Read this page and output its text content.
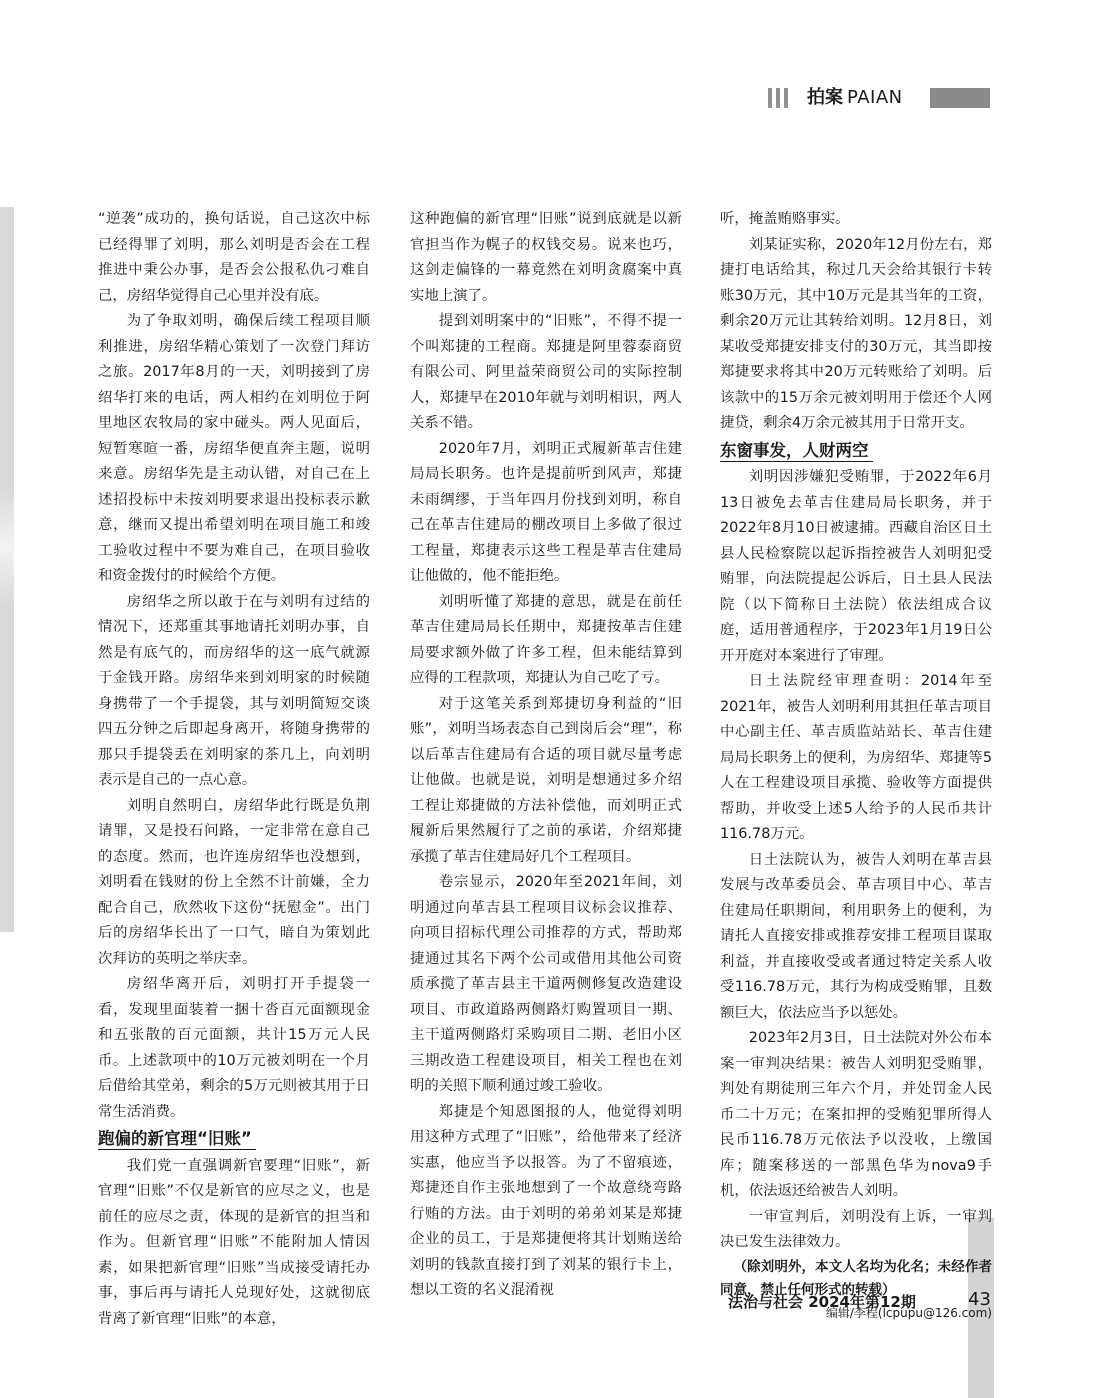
拍案 PAIAN

“逆袭”成功的，换句话说，自己这次中标已经得罪了刘明，那么刘明是否会在工程推进中秉公办事，是否会公报私仇刁难自己，房绍华觉得自己心里并没有底。

为了争取刘明，确保后续工程项目顺利推进，房绍华精心策划了一次登门拜访之旅。2017年8月的一天，刘明接到了房绍华打来的电话，两人相约在刘明位于阿里地区农牧局的家中碰头。两人见面后，短暂寒暄一番，房绍华便直奔主题，说明来意。房绍华先是主动认错，对自己在上述招投标中未按刘明要求退出投标表示歉意，继而又提出希望刘明在项目施工和竣工验收过程中不要为难自己，在项目验收和资金拨付的时候给个方便。

房绍华之所以敢于在与刘明有过结的情况下，还郑重其事地请托刘明办事，自然是有底气的，而房绍华的这一底气就源于金钱开路。房绍华来到刘明家的时候随身携带了一个手提袋，其与刘明简短交谈四五分钟之后即起身离开，将随身携带的那只手提袋丢在刘明家的茶几上，向刘明表示是自己的一点心意。

刘明自然明白，房绍华此行既是负荆请罪，又是投石问路，一定非常在意自己的态度。然而，也许连房绍华也没想到，刘明看在钱财的份上全然不计前嫌，全力配合自己，欣然收下这份“抚慰金”。出门后的房绍华长出了一口气，暗自为策划此次拜访的英明之举庆幸。

房绍华离开后，刘明打开手提袋一看，发现里面装着一捆十沓百元面额现金和五张散的百元面额，共计15万元人民币。上述款项中的10万元被刘明在一个月后借给其堂弟，剩余的5万元则被其用于日常生活消费。

跑偏的新官理“旧账”

我们党一直强调新官要理“旧账”，新官理“旧账”不仅是新官的应尽之义，也是前任的应尽之责，体现的是新官的担当和作为。但新官理“旧账”不能附加人情因素，如果把新官理“旧账”当成接受请托办事，事后再与请托人兑现好处，这就彻底背离了新官理“旧账”的本意，

这种跑偏的新官理“旧账”说到底就是以新官担当作为幌子的权钱交易。说来也巧，这剑走偏锋的一幕竟然在刘明贪腐案中真实地上演了。

提到刘明案中的“旧账”，不得不提一个叫郑捷的工程商。郑捷是阿里蓉泰商贸有限公司、阿里益荣商贸公司的实际控制人，郑捷早在2010年就与刘明相识，两人关系不错。

2020年7月，刘明正式履新革吉住建局局长职务。也许是提前听到风声，郑捷未雨绸缪，于当年四月份找到刘明，称自己在革吉住建局的棚改项目上多做了很过工程量，郑捷表示这些工程是革吉住建局让他做的，他不能拒绝。

刘明听懂了郑捷的意思，就是在前任革吉住建局局长任期中，郑捷按革吉住建局要求额外做了许多工程，但未能结算到应得的工程款项，郑捷认为自己吃了亏。

对于这笔关系到郑捷切身利益的“旧账”，刘明当场表态自己到岗后会“理”，称以后革吉住建局有合适的项目就尽量考虑让他做。也就是说，刘明是想通过多介绍工程让郑捷做的方法补偿他，而刘明正式履新后果然履行了之前的承诺，介绍郑捷承揽了革吉住建局好几个工程项目。

卷宗显示，2020年至2021年间，刘明通过向革吉县工程项目议标会议推荐、向项目招标代理公司推荐的方式，帮助郑捷通过其名下两个公司或借用其他公司资质承揽了革吉县主干道两侧修复改造建设项目、市政道路两侧路灯购置项目一期、主干道两侧路灯采购项目二期、老旧小区三期改造工程建设项目，相关工程也在刘明的关照下顺利通过竣工验收。

郑捷是个知恩图报的人，他觉得刘明用这种方式理了“旧账”，给他带来了经济实惠，他应当予以报答。为了不留痕迹，郑捷还自作主张地想到了一个故意绕弯路行贿的方法。由于刘明的弟弟刘某是郑捷企业的员工，于是郑捷便将其计划贿送给刘明的钱款直接打到了刘某的银行卡上，想以工资的名义混淆视

听，掩盖贿赂事实。

刘某证实称，2020年12月份左右，郑捷打电话给其，称过几天会给其银行卡转账30万元，其中10万元是其当年的工资，剩余20万元让其转给刘明。12月8日，刘某收受郑捷安排支付的30万元，其当即按郑捷要求将其中20万元转账给了刘明。后该款中的15万余元被刘明用于偿还个人网捷贷，剩余4万余元被其用于日常开支。

东窗事发，人财两空

刘明因涉嫌犯受贿罪，于2022年6月13日被免去革吉住建局局长职务，并于2022年8月10日被逮捕。西藏自治区日土县人民检察院以起诉指控被告人刘明犯受贿罪，向法院提起公诉后，日土县人民法院（以下简称日土法院）依法组成合议庭，适用普通程序，于2023年1月19日公开开庭对本案进行了审理。

日土法院经审理查明：2014年至2021年，被告人刘明利用其担任革吉项目中心副主任、革吉质监站站长、革吉住建局局长职务上的便利，为房绍华、郑捷等5人在工程建设项目承揽、验收等方面提供帮助，并收受上述5人给予的人民币共计116.78万元。

日土法院认为，被告人刘明在革吉县发展与改革委员会、革吉项目中心、革吉住建局任职期间，利用职务上的便利，为请托人直接安排或推荐安排工程项目谋取利益，并直接收受或者通过特定关系人收受116.78万元，其行为构成受贿罪，且数额巨大，依法应当予以惩处。

2023年2月3日，日土法院对外公布本案一审判决结果：被告人刘明犯受贿罪，判处有期徒刑三年六个月，并处罚金人民币二十万元；在案扣押的受贿犯罪所得人民币116.78万元依法予以没收，上缴国库；随案移送的一部黑色华为nova9手机，依法返还给被告人刘明。

一审宣判后，刘明没有上诉，一审判决已发生法律效力。

（除刘明外，本文人名均为化名；未经作者同意，禁止任何形式的转载）

编辑/李程(lcpupu@126.com)

法治与社会 2024年第12期	43
